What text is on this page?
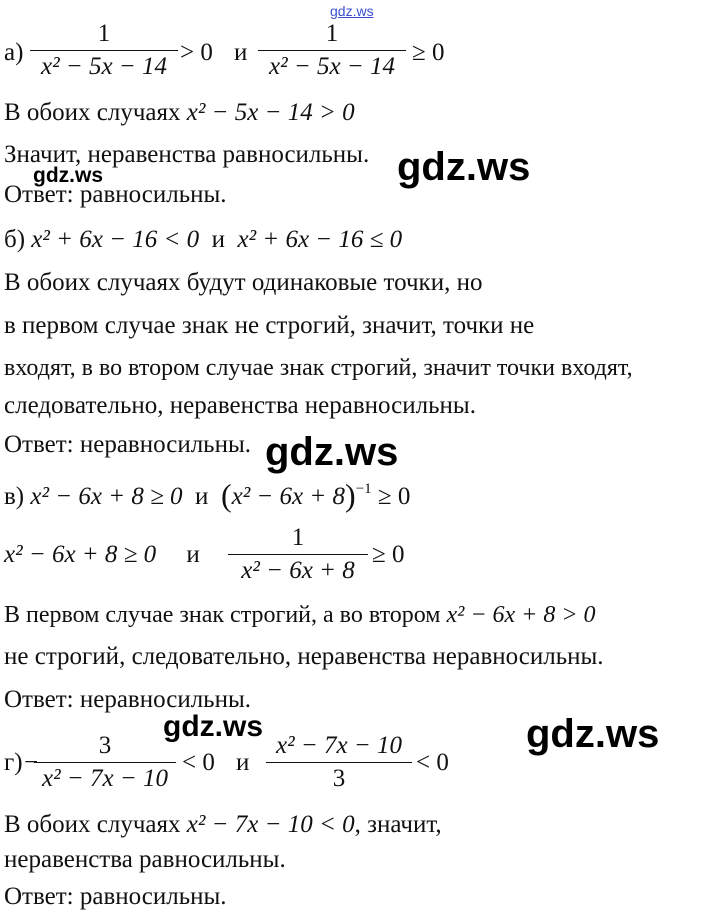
gdz.ws
а)
1
x² − 5x − 14
> 0 и
1
x² − 5x − 14
≥ 0
В обоих случаях x² − 5x − 14 > 0
Значит, неравенства равносильны. gdz.ws
gdz.ws
Ответ: равносильны.
б) x² + 6x − 16 < 0 и x² + 6x − 16 ≤ 0
В обоих случаях будут одинаковые точки, но
в первом случае знак не строгий, значит, точки не
входят, в во втором случае знак строгий, значит точки входят,
следовательно, неравенства неравносильны.
Ответ: неравносильны. gdz.ws
в) x² − 6x + 8 ≥ 0 и $(x^2 - 6x + 8)^{-1} \ge 0$
x² − 6x + 8 ≥ 0 и
1
x² − 6x + 8
≥ 0
В первом случае знак строгий, а во втором x² − 6x + 8 > 0
не строгий, следовательно, неравенства неравносильны.
Ответ: неравносильны.
gdz.ws	gdz.ws
г) −
3
x² − 7x − 10
< 0 и
x² − 7x − 10
3
< 0
В обоих случаях x² − 7x − 10 < 0, значит,
неравенства равносильны.
Ответ: равносильны.
